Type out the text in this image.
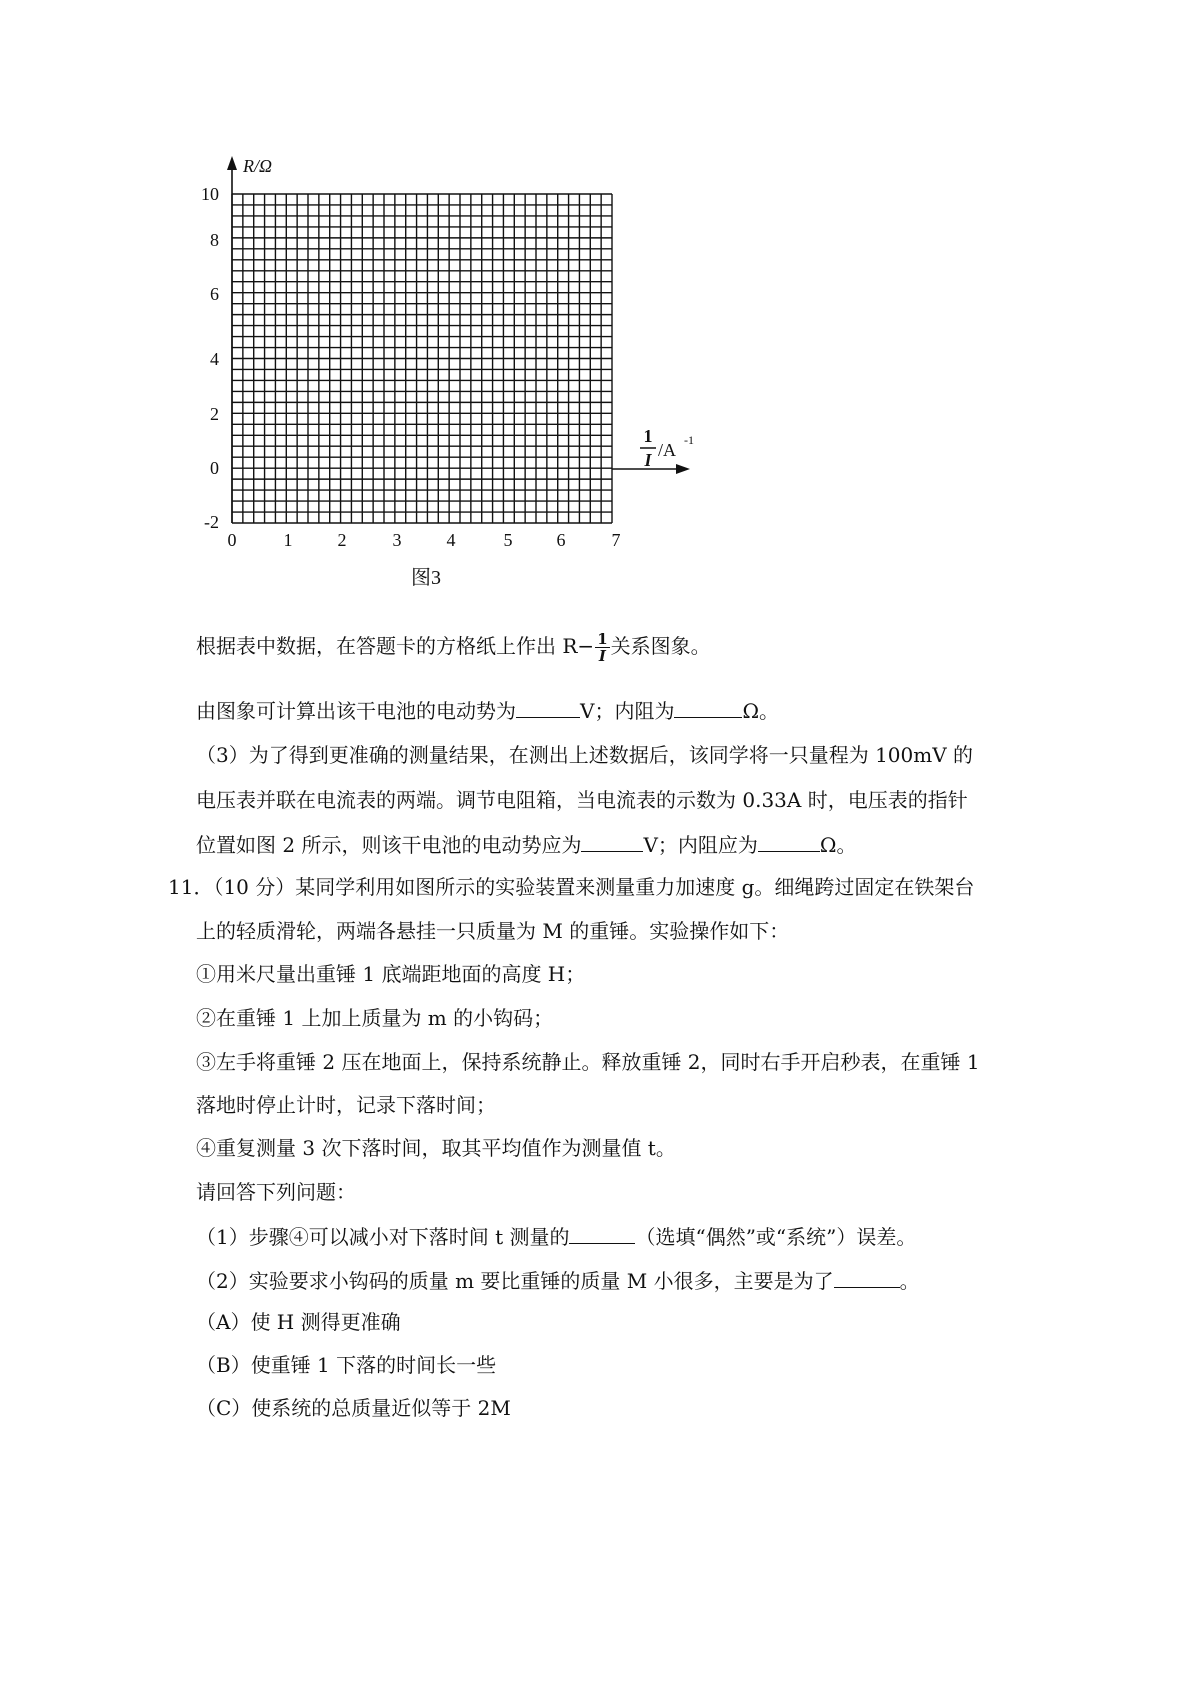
R/Ω
1
I /A -1
10
8
6
4
2
0
-2
0	1	2	3	4	5 6	7
图3
根据表中数据，在答题卡的方格纸上作出 $R- \frac{1}{I}$ 关系图象。
由图象可计算出该干电池的电动势为	V；内阻为	Ω。
（3）为了得到更准确的测量结果，在测出上述数据后，该同学将一只量程为 100mV 的
电压表并联在电流表的两端。调节电阻箱，当电流表的示数为 0.33A 时，电压表的指针
位置如图 2 所示，则该干电池的电动势应为	V；内阻应为	Ω。
11．（10 分）某同学利用如图所示的实验装置来测量重力加速度 g。细绳跨过固定在铁架台
上的轻质滑轮，两端各悬挂一只质量为 M 的重锤。实验操作如下：
①用米尺量出重锤 1 底端距地面的高度 H；
②在重锤 1 上加上质量为 m 的小钩码；
③左手将重锤 2 压在地面上，保持系统静止。释放重锤 2，同时右手开启秒表，在重锤 1
落地时停止计时，记录下落时间；
④重复测量 3 次下落时间，取其平均值作为测量值 t。
请回答下列问题：
（1）步骤④可以减小对下落时间 t 测量的	（选填“偶然”或“系统”）误差。
（2）实验要求小钩码的质量 m 要比重锤的质量 M 小很多，主要是为了	。
（A）使 H 测得更准确
（B）使重锤 1 下落的时间长一些
（C）使系统的总质量近似等于 2M
